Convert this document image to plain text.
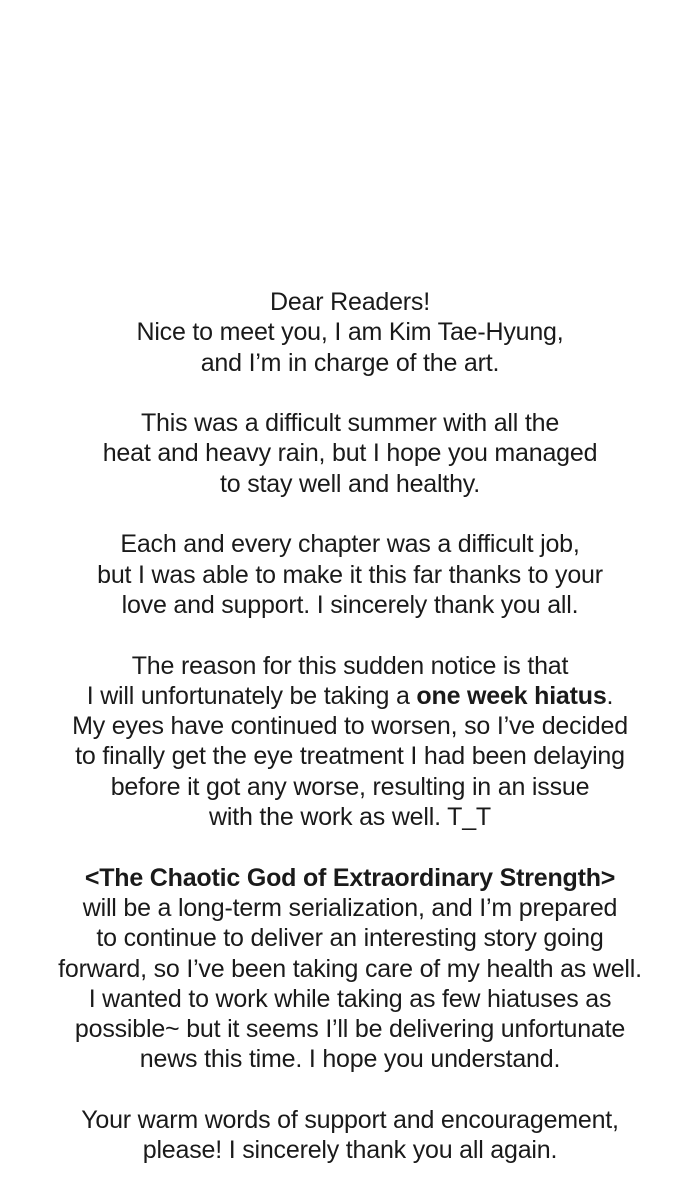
Dear Readers!
Nice to meet you, I am Kim Tae-Hyung,
and I’m in charge of the art.

This was a difficult summer with all the
heat and heavy rain, but I hope you managed
to stay well and healthy.

Each and every chapter was a difficult job,
but I was able to make it this far thanks to your
love and support. I sincerely thank you all.

The reason for this sudden notice is that
I will unfortunately be taking a one week hiatus.
My eyes have continued to worsen, so I’ve decided
to finally get the eye treatment I had been delaying
before it got any worse, resulting in an issue
with the work as well. T_T

<The Chaotic God of Extraordinary Strength>
will be a long-term serialization, and I’m prepared
to continue to deliver an interesting story going
forward, so I’ve been taking care of my health as well.
I wanted to work while taking as few hiatuses as
possible~ but it seems I’ll be delivering unfortunate
news this time. I hope you understand.

Your warm words of support and encouragement,
please! I sincerely thank you all again.
